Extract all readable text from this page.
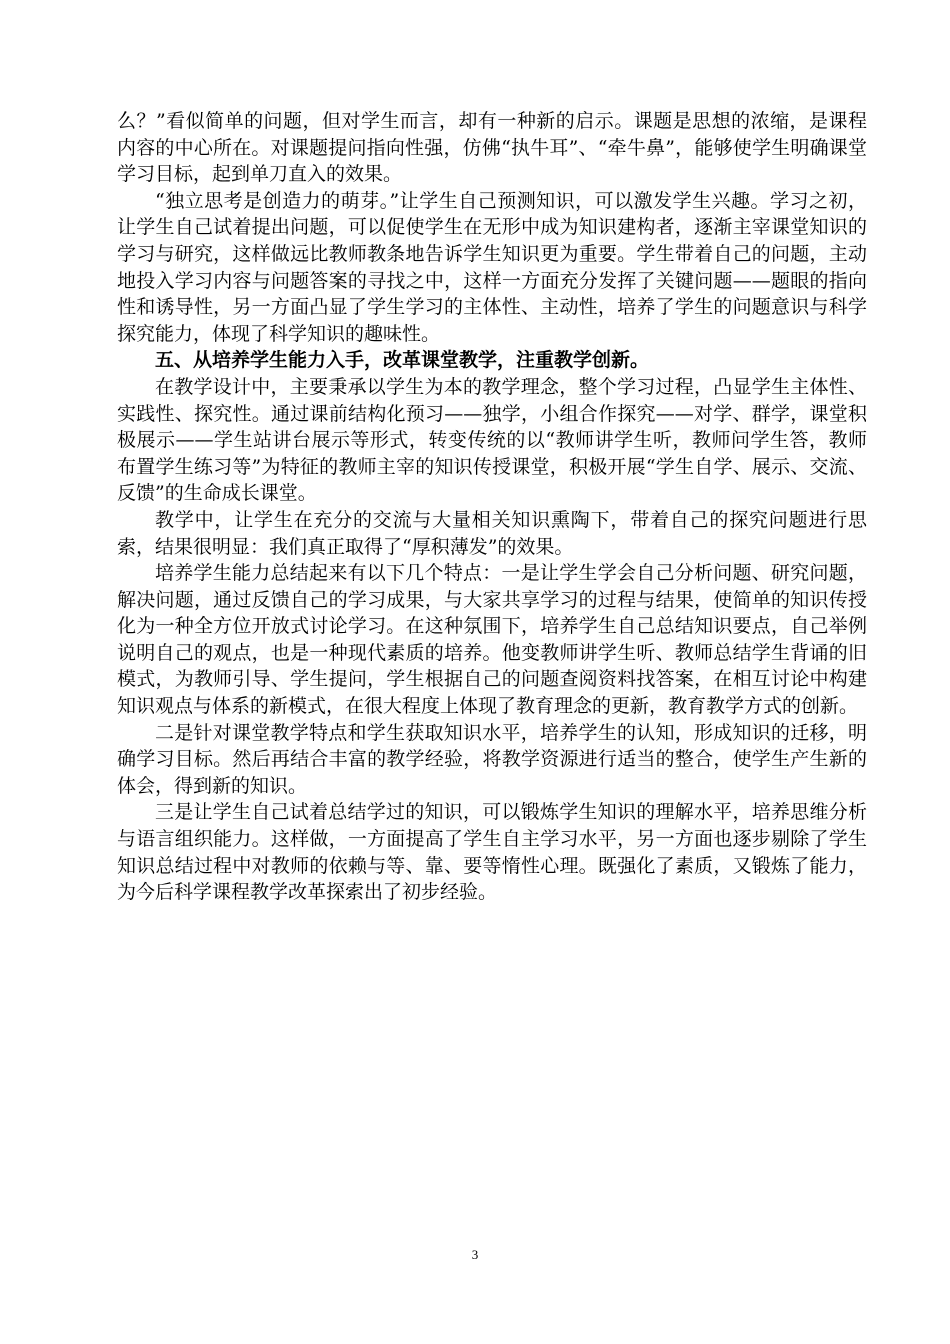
么？”看似简单的问题，但对学生而言，却有一种新的启示。课题是思想的浓缩，是课程内容的中心所在。对课题提问指向性强，仿佛“执牛耳”、“牵牛鼻”，能够使学生明确课堂学习目标，起到单刀直入的效果。

“独立思考是创造力的萌芽。”让学生自己预测知识，可以激发学生兴趣。学习之初，让学生自己试着提出问题，可以促使学生在无形中成为知识建构者，逐渐主宰课堂知识的学习与研究，这样做远比教师教条地告诉学生知识更为重要。学生带着自己的问题，主动地投入学习内容与问题答案的寻找之中，这样一方面充分发挥了关键问题——题眼的指向性和诱导性，另一方面凸显了学生学习的主体性、主动性，培养了学生的问题意识与科学探究能力，体现了科学知识的趣味性。

五、从培养学生能力入手，改革课堂教学，注重教学创新。

在教学设计中，主要秉承以学生为本的教学理念，整个学习过程，凸显学生主体性、实践性、探究性。通过课前结构化预习——独学，小组合作探究——对学、群学，课堂积极展示——学生站讲台展示等形式，转变传统的以“教师讲学生听，教师问学生答，教师布置学生练习等”为特征的教师主宰的知识传授课堂，积极开展“学生自学、展示、交流、反馈”的生命成长课堂。

教学中，让学生在充分的交流与大量相关知识熏陶下，带着自己的探究问题进行思索，结果很明显：我们真正取得了“厚积薄发”的效果。

培养学生能力总结起来有以下几个特点：一是让学生学会自己分析问题、研究问题，解决问题，通过反馈自己的学习成果，与大家共享学习的过程与结果，使简单的知识传授化为一种全方位开放式讨论学习。在这种氛围下，培养学生自己总结知识要点，自己举例说明自己的观点，也是一种现代素质的培养。他变教师讲学生听、教师总结学生背诵的旧模式，为教师引导、学生提问，学生根据自己的问题查阅资料找答案，在相互讨论中构建知识观点与体系的新模式，在很大程度上体现了教育理念的更新，教育教学方式的创新。

二是针对课堂教学特点和学生获取知识水平，培养学生的认知，形成知识的迁移，明确学习目标。然后再结合丰富的教学经验，将教学资源进行适当的整合，使学生产生新的体会，得到新的知识。

三是让学生自己试着总结学过的知识，可以锻炼学生知识的理解水平，培养思维分析与语言组织能力。这样做，一方面提高了学生自主学习水平，另一方面也逐步剔除了学生知识总结过程中对教师的依赖与等、靠、要等惰性心理。既强化了素质，又锻炼了能力，为今后科学课程教学改革探索出了初步经验。

3
